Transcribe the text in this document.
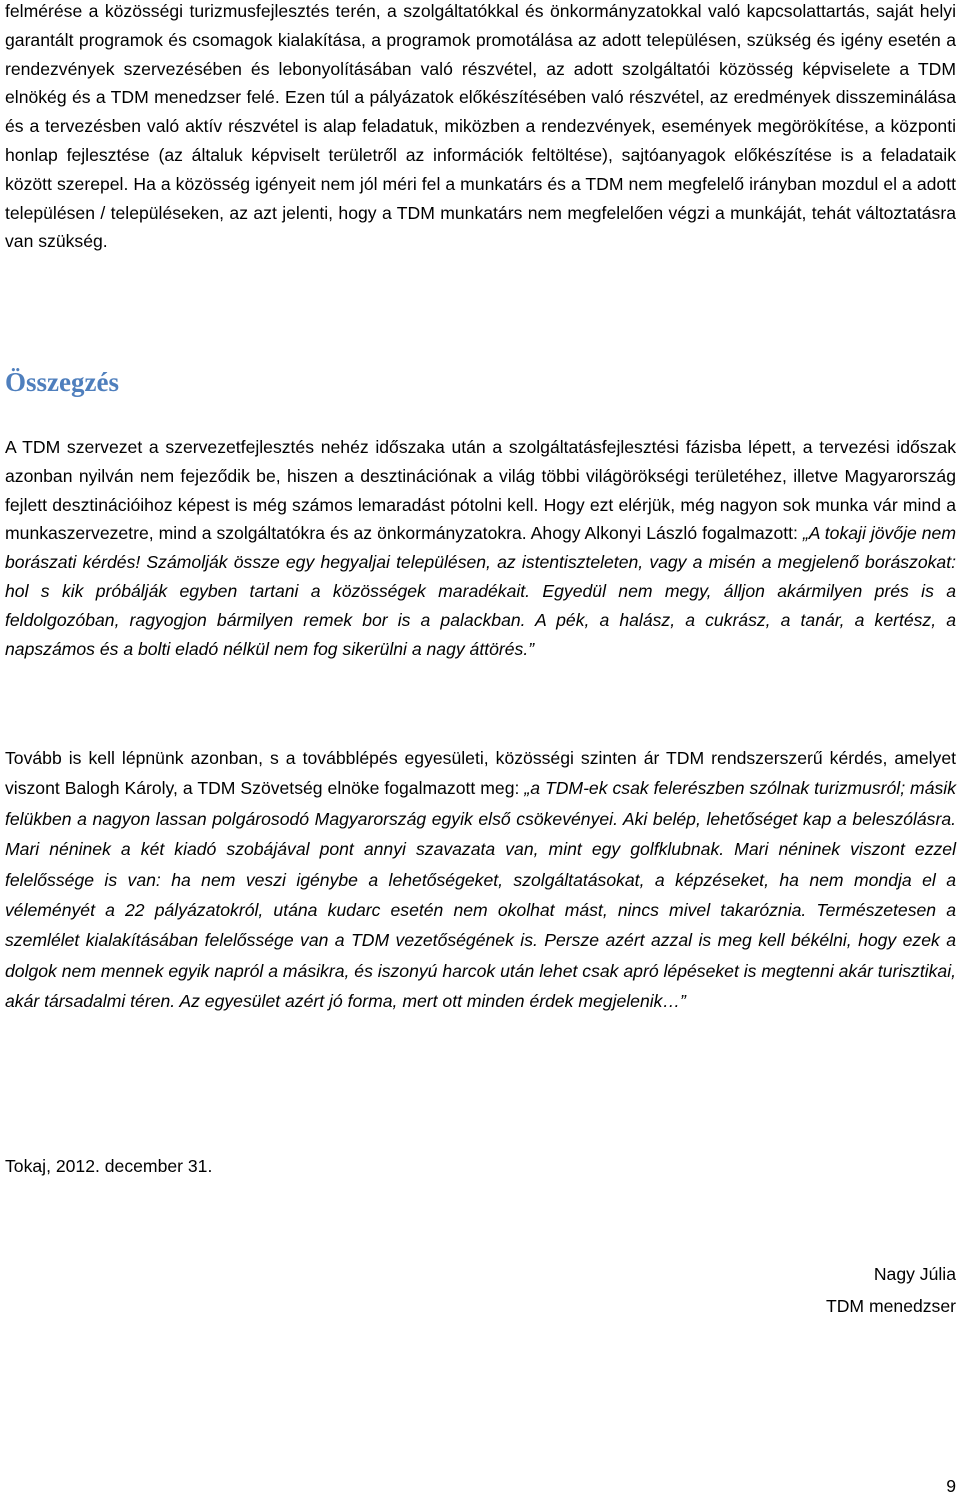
felmérése a közösségi turizmusfejlesztés terén, a szolgáltatókkal és önkormányzatokkal való kapcsolattartás, saját helyi garantált programok és csomagok kialakítása, a programok promotálása az adott településen, szükség és igény esetén a rendezvények szervezésében és lebonyolításában való részvétel, az adott szolgáltatói közösség képviselete a TDM elnökég és a TDM menedzser felé. Ezen túl a pályázatok előkészítésében való részvétel, az eredmények disszeminálása és a tervezésben való aktív részvétel is alap feladatuk, miközben a rendezvények, események megörökítése, a központi honlap fejlesztése (az általuk képviselt területről az információk feltöltése), sajtóanyagok előkészítése is a feladataik között szerepel. Ha a közösség igényeit nem jól méri fel a munkatárs és a TDM nem megfelelő irányban mozdul el a adott településen / településeken, az azt jelenti, hogy a TDM munkatárs nem megfelelően végzi a munkáját, tehát változtatásra van szükség.

Összegzés

A TDM szervezet a szervezetfejlesztés nehéz időszaka után a szolgáltatásfejlesztési fázisba lépett, a tervezési időszak azonban nyilván nem fejeződik be, hiszen a desztinációnak a világ többi világörökségi területéhez, illetve Magyarország fejlett desztinációihoz képest is még számos lemaradást pótolni kell. Hogy ezt elérjük, még nagyon sok munka vár mind a munkaszervezetre, mind a szolgáltatókra és az önkormányzatokra. Ahogy Alkonyi László fogalmazott: „A tokaji jövője nem borászati kérdés! Számolják össze egy hegyaljai településen, az istentiszteleten, vagy a misén a megjelenő borászokat: hol s kik próbálják egyben tartani a közösségek maradékait. Egyedül nem megy, álljon akármilyen prés is a feldolgozóban, ragyogjon bármilyen remek bor is a palackban. A pék, a halász, a cukrász, a tanár, a kertész, a napszámos és a bolti eladó nélkül nem fog sikerülni a nagy áttörés.”

Tovább is kell lépnünk azonban, s a továbblépés egyesületi, közösségi szinten ár TDM rendszerszerű kérdés, amelyet viszont Balogh Károly, a TDM Szövetség elnöke fogalmazott meg: „a TDM-ek csak felerészben szólnak turizmusról; másik felükben a nagyon lassan polgárosodó Magyarország egyik első csökevényei. Aki belép, lehetőséget kap a beleszólásra. Mari néninek a két kiadó szobájával pont annyi szavazata van, mint egy golfklubnak. Mari néninek viszont ezzel felelőssége is van: ha nem veszi igénybe a lehetőségeket, szolgáltatásokat, a képzéseket, ha nem mondja el a véleményét a 22 pályázatokról, utána kudarc esetén nem okolhat mást, nincs mivel takaróznia. Természetesen a szemlélet kialakításában felelőssége van a TDM vezetőségének is. Persze azért azzal is meg kell békélni, hogy ezek a dolgok nem mennek egyik napról a másikra, és iszonyú harcok után lehet csak apró lépéseket is megtenni akár turisztikai, akár társadalmi téren. Az egyesület azért jó forma, mert ott minden érdek megjelenik…”

Tokaj, 2012. december 31.

Nagy Júlia
TDM menedzser
9
